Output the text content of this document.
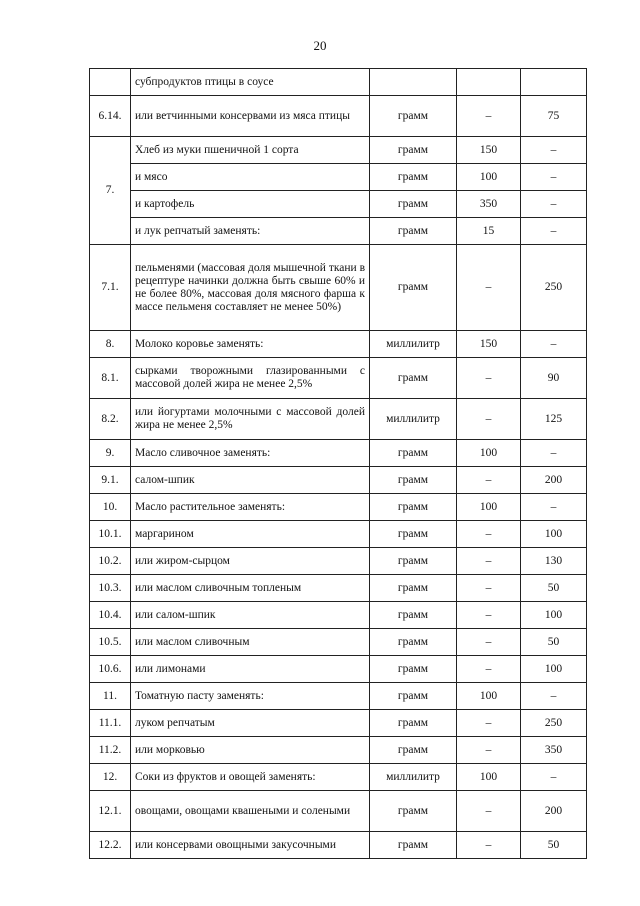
20
	субпродуктов птицы в соусе			
6.14.	или ветчинными консервами из мяса птицы	грамм	–	75
7.	Хлеб из муки пшеничной 1 сорта	грамм	150	–
	и мясо	грамм	100	–
	и картофель	грамм	350	–
	и лук репчатый заменять:	грамм	15	–
7.1.	пельменями (массовая доля мышечной ткани в рецептуре начинки должна быть свыше 60% и не более 80%, массовая доля мясного фарша к массе пельменя составляет не менее 50%)	грамм	–	250
8.	Молоко коровье заменять:	миллилитр	150	–
8.1.	сырками творожными глазированными с массовой долей жира не менее 2,5%	грамм	–	90
8.2.	или йогуртами молочными с массовой долей жира не менее 2,5%	миллилитр	–	125
9.	Масло сливочное заменять:	грамм	100	–
9.1.	салом-шпик	грамм	–	200
10.	Масло растительное заменять:	грамм	100	–
10.1.	маргарином	грамм	–	100
10.2.	или жиром-сырцом	грамм	–	130
10.3.	или маслом сливочным топленым	грамм	–	50
10.4.	или салом-шпик	грамм	–	100
10.5.	или маслом сливочным	грамм	–	50
10.6.	или лимонами	грамм	–	100
11.	Томатную пасту заменять:	грамм	100	–
11.1.	луком репчатым	грамм	–	250
11.2.	или морковью	грамм	–	350
12.	Соки из фруктов и овощей заменять:	миллилитр	100	–
12.1.	овощами, овощами квашеными и солеными	грамм	–	200
12.2.	или консервами овощными закусочными	грамм	–	50
